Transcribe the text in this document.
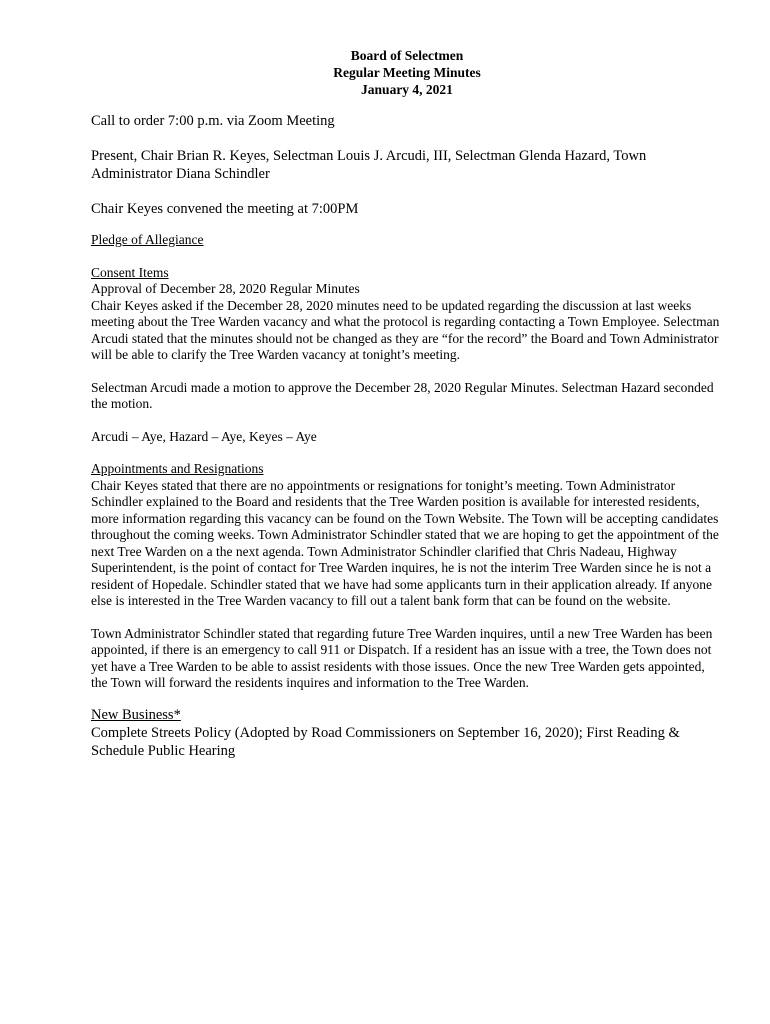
Board of Selectmen
Regular Meeting Minutes
January 4, 2021

Call to order 7:00 p.m. via Zoom Meeting

Present, Chair Brian R. Keyes, Selectman Louis J. Arcudi, III, Selectman Glenda Hazard, Town Administrator Diana Schindler

Chair Keyes convened the meeting at 7:00PM

Pledge of Allegiance

Consent Items

Approval of December 28, 2020 Regular Minutes

Chair Keyes asked if the December 28, 2020 minutes need to be updated regarding the discussion at last weeks meeting about the Tree Warden vacancy and what the protocol is regarding contacting a Town Employee. Selectman Arcudi stated that the minutes should not be changed as they are “for the record” the Board and Town Administrator will be able to clarify the Tree Warden vacancy at tonight’s meeting.

Selectman Arcudi made a motion to approve the December 28, 2020 Regular Minutes. Selectman Hazard seconded the motion.

Arcudi – Aye, Hazard – Aye, Keyes – Aye

Appointments and Resignations

Chair Keyes stated that there are no appointments or resignations for tonight’s meeting. Town Administrator Schindler explained to the Board and residents that the Tree Warden position is available for interested residents, more information regarding this vacancy can be found on the Town Website. The Town will be accepting candidates throughout the coming weeks. Town Administrator Schindler stated that we are hoping to get the appointment of the next Tree Warden on a the next agenda. Town Administrator Schindler clarified that Chris Nadeau, Highway Superintendent, is the point of contact for Tree Warden inquires, he is not the interim Tree Warden since he is not a resident of Hopedale. Schindler stated that we have had some applicants turn in their application already. If anyone else is interested in the Tree Warden vacancy to fill out a talent bank form that can be found on the website.

Town Administrator Schindler stated that regarding future Tree Warden inquires, until a new Tree Warden has been appointed, if there is an emergency to call 911 or Dispatch. If a resident has an issue with a tree, the Town does not yet have a Tree Warden to be able to assist residents with those issues. Once the new Tree Warden gets appointed, the Town will forward the residents inquires and information to the Tree Warden.

New Business*

Complete Streets Policy (Adopted by Road Commissioners on September 16, 2020); First Reading & Schedule Public Hearing
